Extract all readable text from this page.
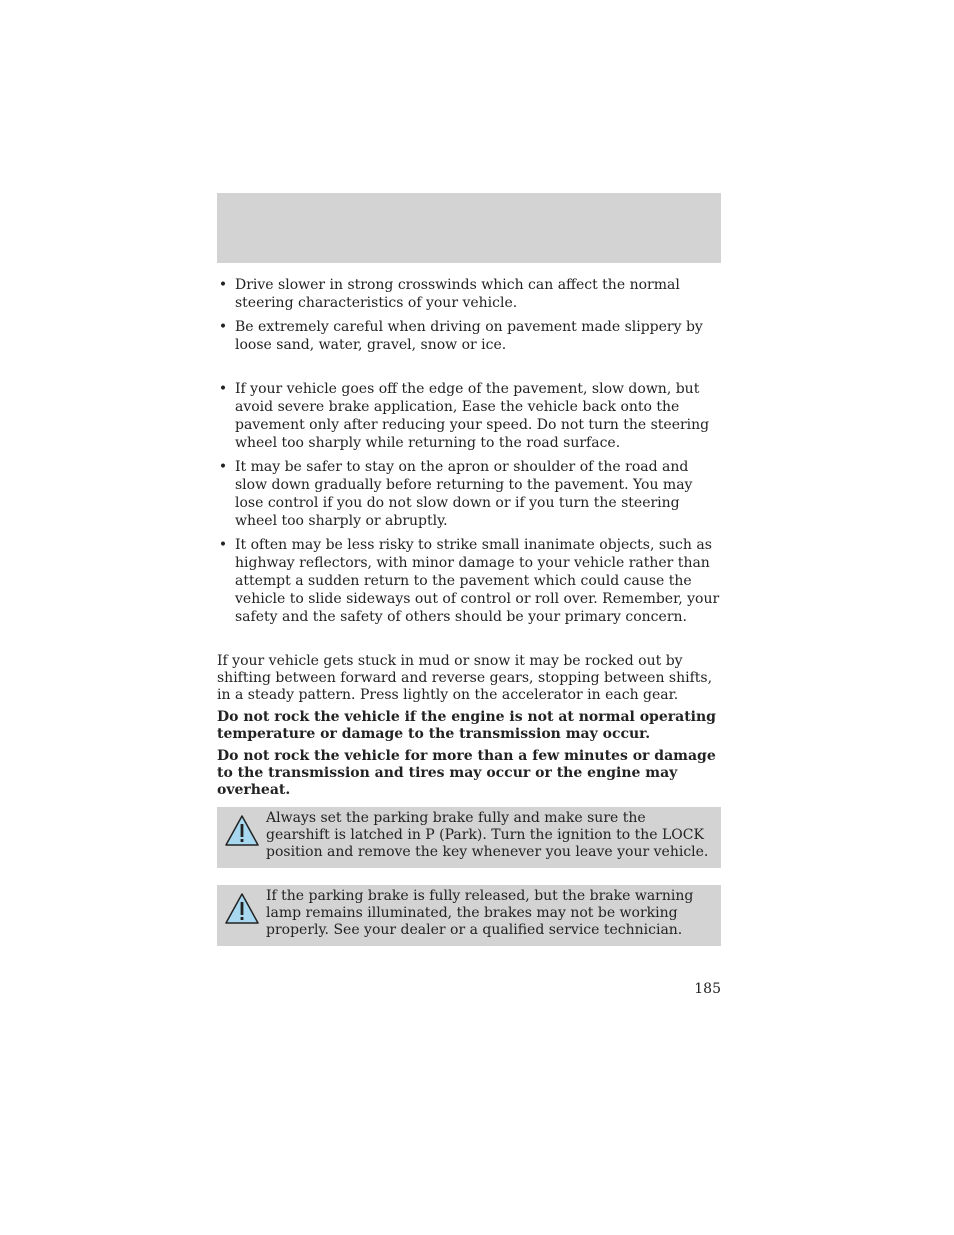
• Drive slower in strong crosswinds which can affect the normal steering characteristics of your vehicle.
• Be extremely careful when driving on pavement made slippery by loose sand, water, gravel, snow or ice.
• If your vehicle goes off the edge of the pavement, slow down, but avoid severe brake application, Ease the vehicle back onto the pavement only after reducing your speed. Do not turn the steering wheel too sharply while returning to the road surface.
• It may be safer to stay on the apron or shoulder of the road and slow down gradually before returning to the pavement. You may lose control if you do not slow down or if you turn the steering wheel too sharply or abruptly.
• It often may be less risky to strike small inanimate objects, such as highway reflectors, with minor damage to your vehicle rather than attempt a sudden return to the pavement which could cause the vehicle to slide sideways out of control or roll over. Remember, your safety and the safety of others should be your primary concern.

If your vehicle gets stuck in mud or snow it may be rocked out by shifting between forward and reverse gears, stopping between shifts, in a steady pattern. Press lightly on the accelerator in each gear.

Do not rock the vehicle if the engine is not at normal operating temperature or damage to the transmission may occur.

Do not rock the vehicle for more than a few minutes or damage to the transmission and tires may occur or the engine may overheat.

Always set the parking brake fully and make sure the gearshift is latched in P (Park). Turn the ignition to the LOCK position and remove the key whenever you leave your vehicle.
If the parking brake is fully released, but the brake warning lamp remains illuminated, the brakes may not be working properly. See your dealer or a qualified service technician.
185
